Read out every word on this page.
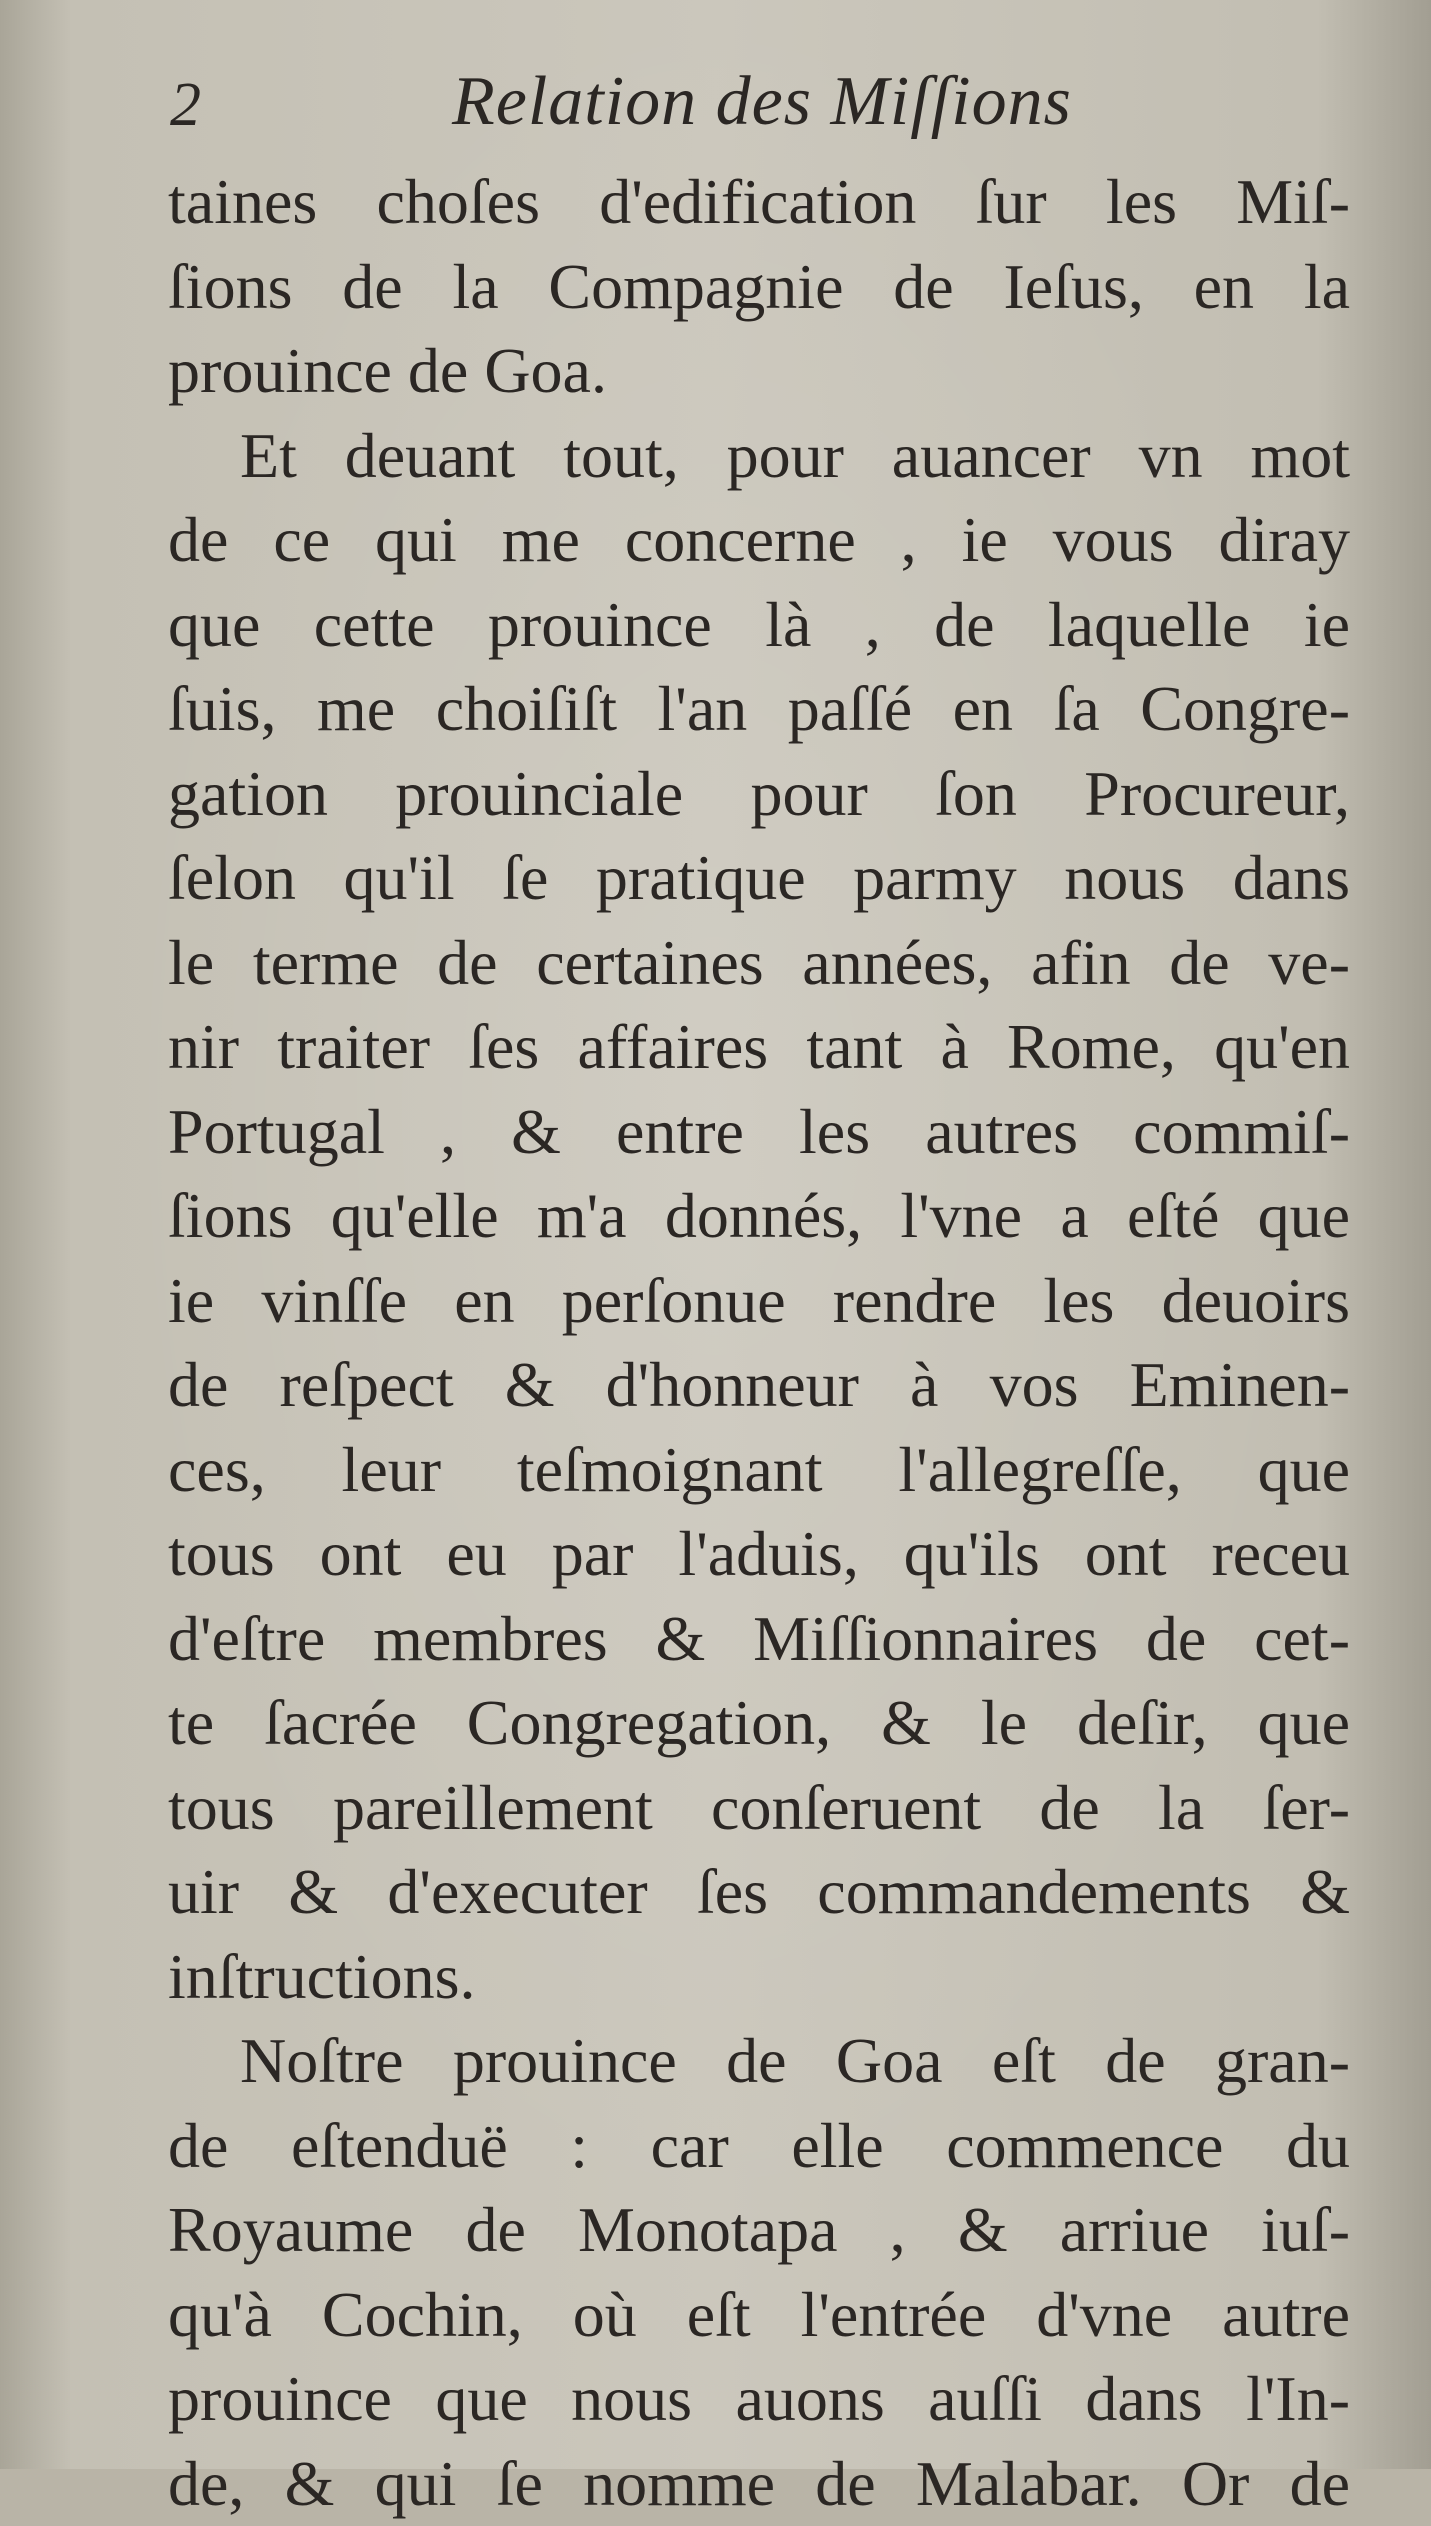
2	Relation des Miſſions
taines choſes d'edification ſur les Miſ-
ſions de la Compagnie de Ieſus, en la
prouince de Goa.
Et deuant tout, pour auancer vn mot
de ce qui me concerne , ie vous diray
que cette prouince là , de laquelle ie
ſuis, me choiſiſt l'an paſſé en ſa Congre-
gation prouinciale pour ſon Procureur,
ſelon qu'il ſe pratique parmy nous dans
le terme de certaines années, afin de ve-
nir traiter ſes affaires tant à Rome, qu'en
Portugal , & entre les autres commiſ-
ſions qu'elle m'a donnés, l'vne a eſté que
ie vinſſe en perſonue rendre les deuoirs
de reſpect & d'honneur à vos Eminen-
ces, leur teſmoignant l'allegreſſe, que
tous ont eu par l'aduis, qu'ils ont receu
d'eſtre membres & Miſſionnaires de cet-
te ſacrée Congregation, & le deſir, que
tous pareillement conſeruent de la ſer-
uir & d'executer ſes commandements &
inſtructions.
Noſtre prouince de Goa eſt de gran-
de eſtenduë : car elle commence du
Royaume de Monotapa , & arriue iuſ-
qu'à Cochin, où eſt l'entrée d'vne autre
prouince que nous auons auſſi dans l'In-
de, & qui ſe nomme de Malabar. Or de
